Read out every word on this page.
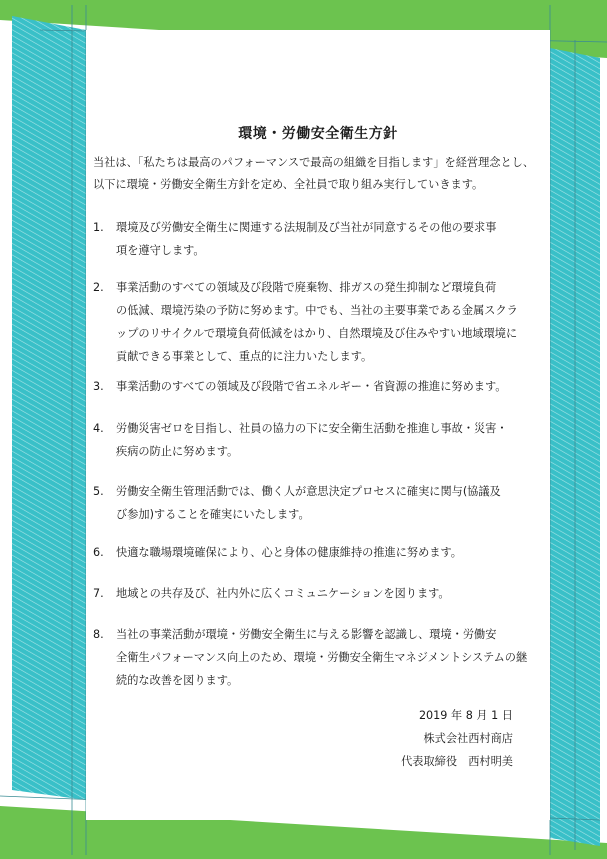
環境・労働安全衛生方針

当社は、「私たちは最高のパフォーマンスで最高の組織を目指します」を経営理念とし、

以下に環境・労働安全衛生方針を定め、全社員で取り組み実行していきます。

1.	環境及び労働安全衛生に関連する法規制及び当社が同意するその他の要求事

項を遵守します。

2.	事業活動のすべての領域及び段階で廃棄物、排ガスの発生抑制など環境負荷

の低減、環境汚染の予防に努めます。中でも、当社の主要事業である金属スクラ

ップのリサイクルで環境負荷低減をはかり、自然環境及び住みやすい地域環境に

貢献できる事業として、重点的に注力いたします。

3.	事業活動のすべての領域及び段階で省エネルギー・省資源の推進に努めます。

4.	労働災害ゼロを目指し、社員の協力の下に安全衛生活動を推進し事故・災害・

疾病の防止に努めます。

5.	労働安全衛生管理活動では、働く人が意思決定プロセスに確実に関与(協議及

び参加)することを確実にいたします。

6.	快適な職場環境確保により、心と身体の健康維持の推進に努めます。

7.	地域との共存及び、社内外に広くコミュニケーションを図ります。

8.	当社の事業活動が環境・労働安全衛生に与える影響を認識し、環境・労働安

全衛生パフォーマンス向上のため、環境・労働安全衛生マネジメントシステムの継

続的な改善を図ります。

2019 年 8 月 1 日

株式会社西村商店

代表取締役　西村明美
